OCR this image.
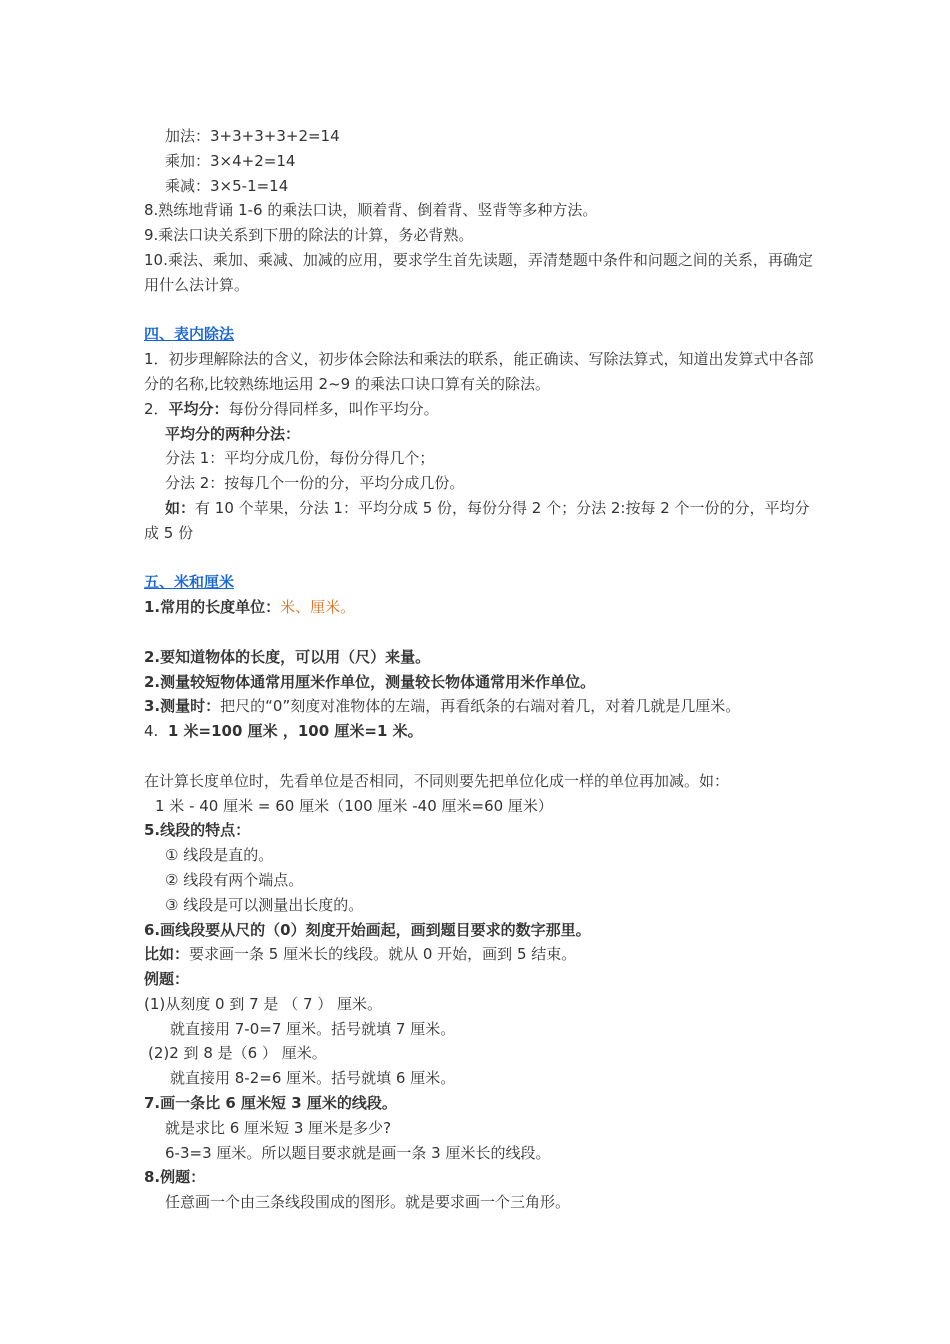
加法：3+3+3+3+2=14
乘加：3×4+2=14
乘减：3×5-1=14
8.熟练地背诵 1-6 的乘法口诀，顺着背、倒着背、竖背等多种方法。
9.乘法口诀关系到下册的除法的计算，务必背熟。
10.乘法、乘加、乘减、加减的应用，要求学生首先读题，弄清楚题中条件和问题之间的关系，再确定用什么法计算。
四、表内除法
1．初步理解除法的含义，初步体会除法和乘法的联系，能正确读、写除法算式，知道出发算式中各部分的名称,比较熟练地运用 2~9 的乘法口诀口算有关的除法。
2．平均分：每份分得同样多，叫作平均分。
平均分的两种分法：
分法 1：平均分成几份，每份分得几个；
分法 2：按每几个一份的分，平均分成几份。
如：有 10 个苹果，分法 1：平均分成 5 份，每份分得 2 个；分法 2:按每 2 个一份的分，平均分成 5 份
五、米和厘米
1.常用的长度单位：米、厘米。
2.要知道物体的长度，可以用（尺）来量。
2.测量较短物体通常用厘米作单位，测量较长物体通常用米作单位。
3.测量时：把尺的“0”刻度对准物体的左端，再看纸条的右端对着几，对着几就是几厘米。
4.  1 米=100 厘米 ，100 厘米=1 米。
在计算长度单位时，先看单位是否相同，不同则要先把单位化成一样的单位再加减。如：
1 米 - 40 厘米 = 60 厘米（100 厘米 -40 厘米=60 厘米）
5.线段的特点：
① 线段是直的。
② 线段有两个端点。
③ 线段是可以测量出长度的。
6.画线段要从尺的（0）刻度开始画起，画到题目要求的数字那里。
比如：要求画一条 5 厘米长的线段。就从 0 开始，画到 5 结束。
例题：
(1)从刻度 0 到 7 是 （ 7 ） 厘米。
就直接用 7-0=7 厘米。括号就填 7 厘米。
(2)2 到 8 是（6 ） 厘米。
就直接用 8-2=6 厘米。括号就填 6 厘米。
7.画一条比 6 厘米短 3 厘米的线段。
就是求比 6 厘米短 3 厘米是多少?
6-3=3 厘米。所以题目要求就是画一条 3 厘米长的线段。
8.例题：
任意画一个由三条线段围成的图形。就是要求画一个三角形。
